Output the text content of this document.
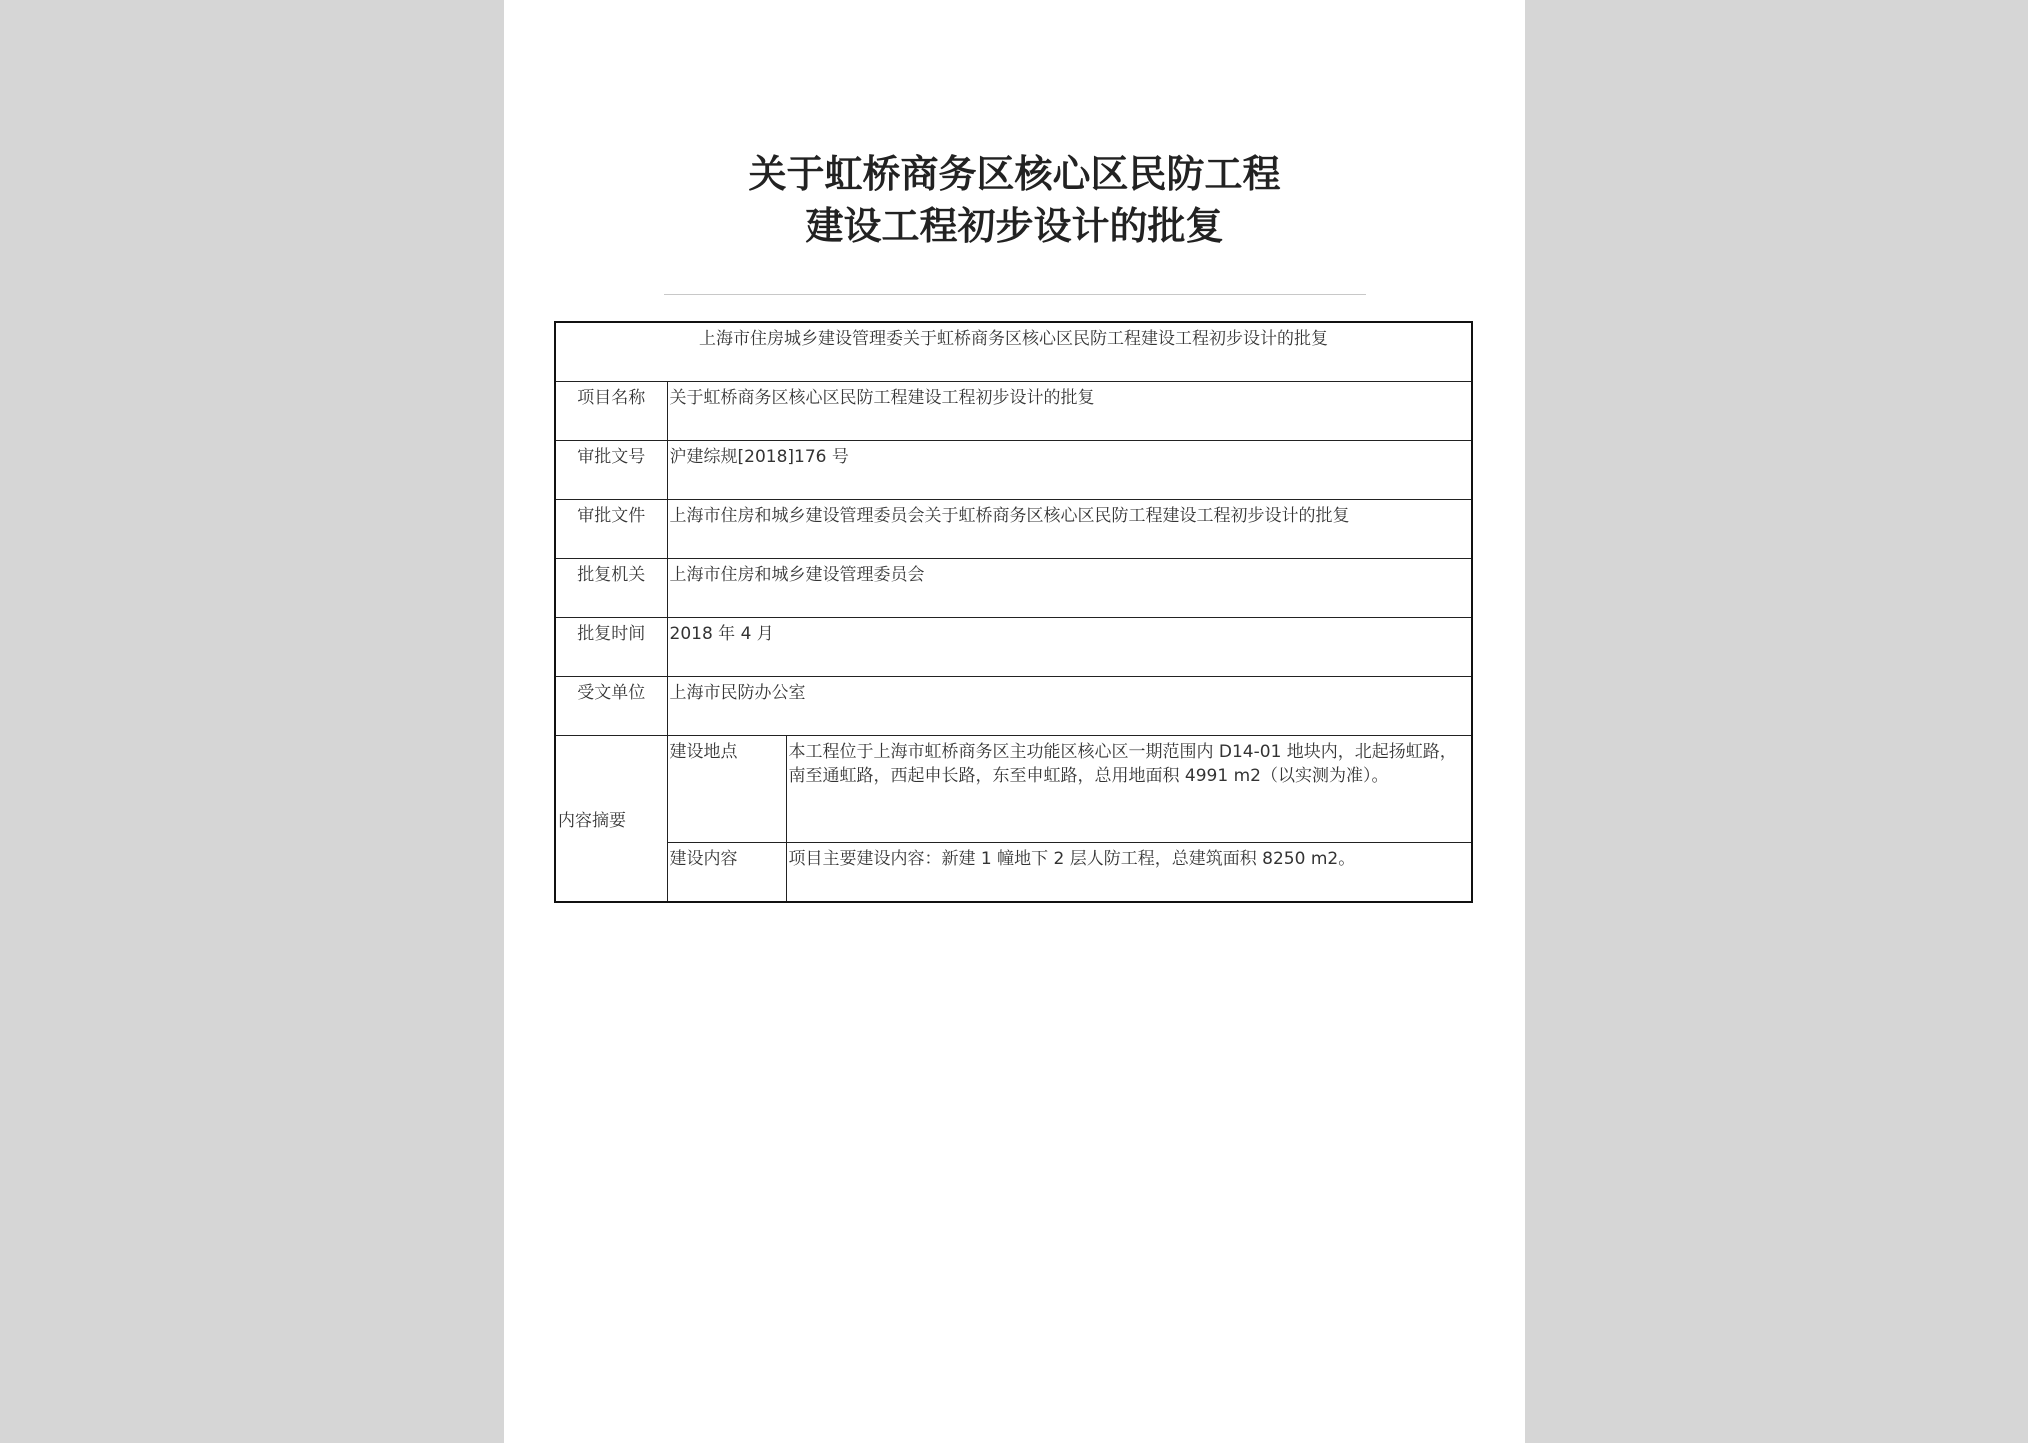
关于虹桥商务区核心区民防工程
建设工程初步设计的批复
上海市住房城乡建设管理委关于虹桥商务区核心区民防工程建设工程初步设计的批复		
项目名称	关于虹桥商务区核心区民防工程建设工程初步设计的批复	
审批文号	沪建综规[2018]176 号	
审批文件	上海市住房和城乡建设管理委员会关于虹桥商务区核心区民防工程建设工程初步设计的批复	
批复机关	上海市住房和城乡建设管理委员会	
批复时间	2018 年 4 月	
受文单位	上海市民防办公室	
内容摘要	建设地点	本工程位于上海市虹桥商务区主功能区核心区一期范围内 D14-01 地块内，北起扬虹路，南至通虹路，西起申长路，东至申虹路，总用地面积 4991 m2（以实测为准）。
	建设内容	项目主要建设内容：新建 1 幢地下 2 层人防工程，总建筑面积 8250 m2。
